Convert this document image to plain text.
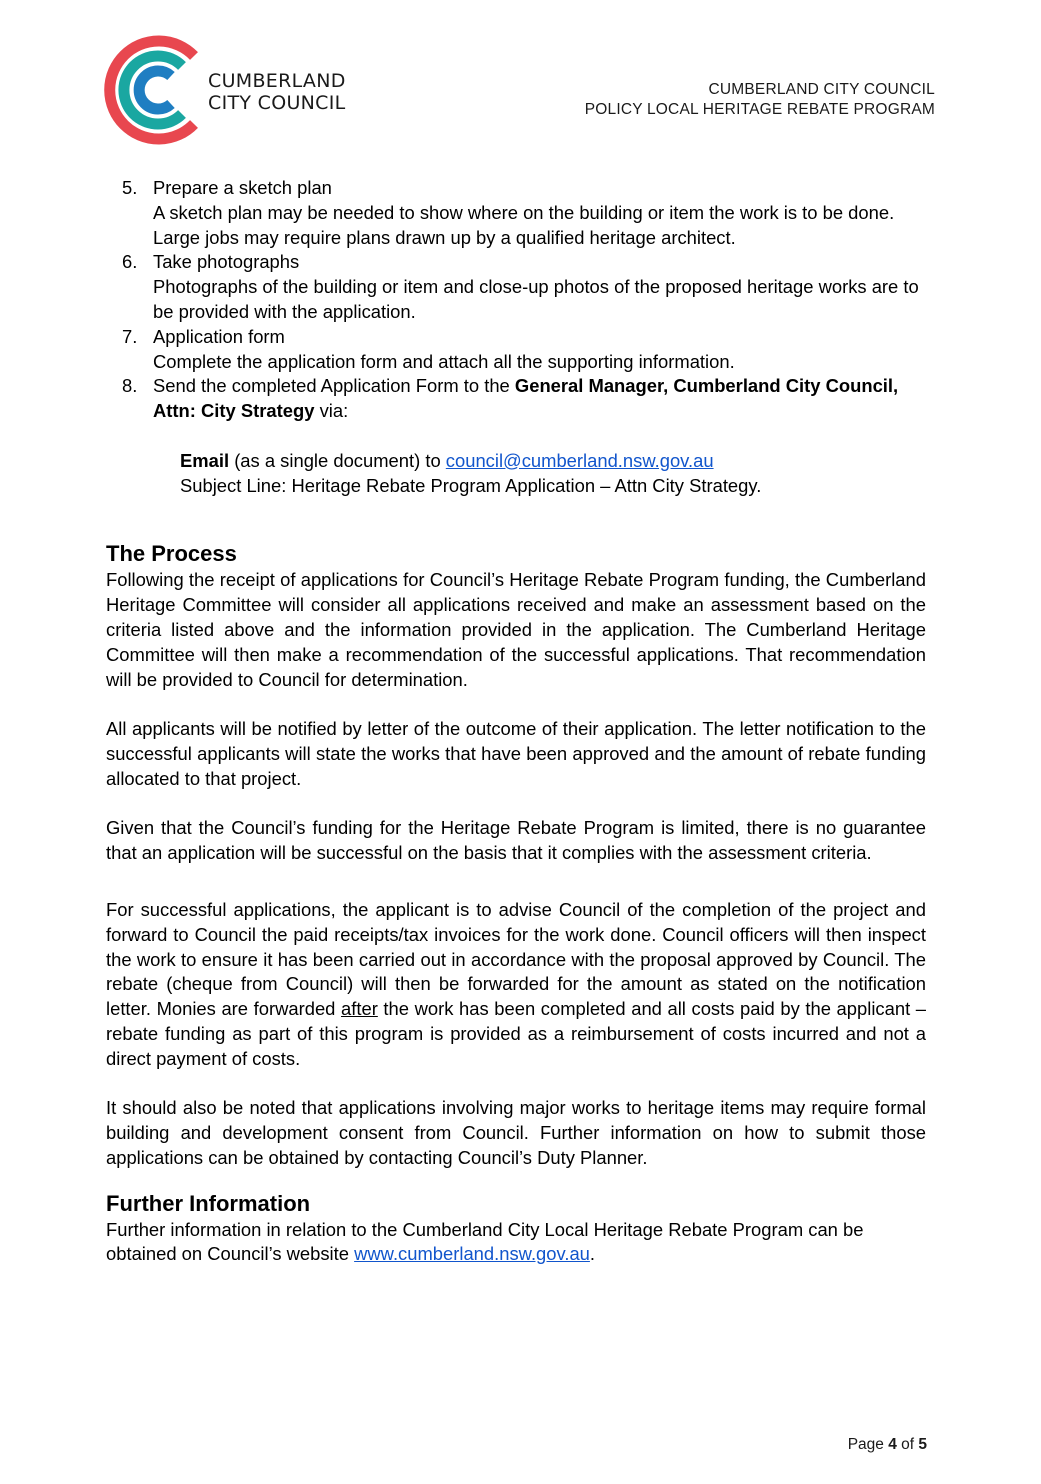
CUMBERLAND
CITY COUNCIL
CUMBERLAND CITY COUNCIL
POLICY LOCAL HERITAGE REBATE PROGRAM
5. Prepare a sketch plan
A sketch plan may be needed to show where on the building or item the work is to be done. Large jobs may require plans drawn up by a qualified heritage architect.
6. Take photographs
Photographs of the building or item and close-up photos of the proposed heritage works are to be provided with the application.
7. Application form
Complete the application form and attach all the supporting information.
8. Send the completed Application Form to the General Manager, Cumberland City Council, Attn: City Strategy via:
Email (as a single document) to council@cumberland.nsw.gov.au
Subject Line: Heritage Rebate Program Application – Attn City Strategy.
The Process

Following the receipt of applications for Council’s Heritage Rebate Program funding, the Cumberland Heritage Committee will consider all applications received and make an assessment based on the criteria listed above and the information provided in the application. The Cumberland Heritage Committee will then make a recommendation of the successful applications. That recommendation will be provided to Council for determination.

All applicants will be notified by letter of the outcome of their application. The letter notification to the successful applicants will state the works that have been approved and the amount of rebate funding allocated to that project.

Given that the Council’s funding for the Heritage Rebate Program is limited, there is no guarantee that an application will be successful on the basis that it complies with the assessment criteria.

For successful applications, the applicant is to advise Council of the completion of the project and forward to Council the paid receipts/tax invoices for the work done. Council officers will then inspect the work to ensure it has been carried out in accordance with the proposal approved by Council. The rebate (cheque from Council) will then be forwarded for the amount as stated on the notification letter. Monies are forwarded after the work has been completed and all costs paid by the applicant – rebate funding as part of this program is provided as a reimbursement of costs incurred and not a direct payment of costs.

It should also be noted that applications involving major works to heritage items may require formal building and development consent from Council. Further information on how to submit those applications can be obtained by contacting Council’s Duty Planner.

Further Information

Further information in relation to the Cumberland City Local Heritage Rebate Program can be obtained on Council’s website www.cumberland.nsw.gov.au.

Page 4 of 5
